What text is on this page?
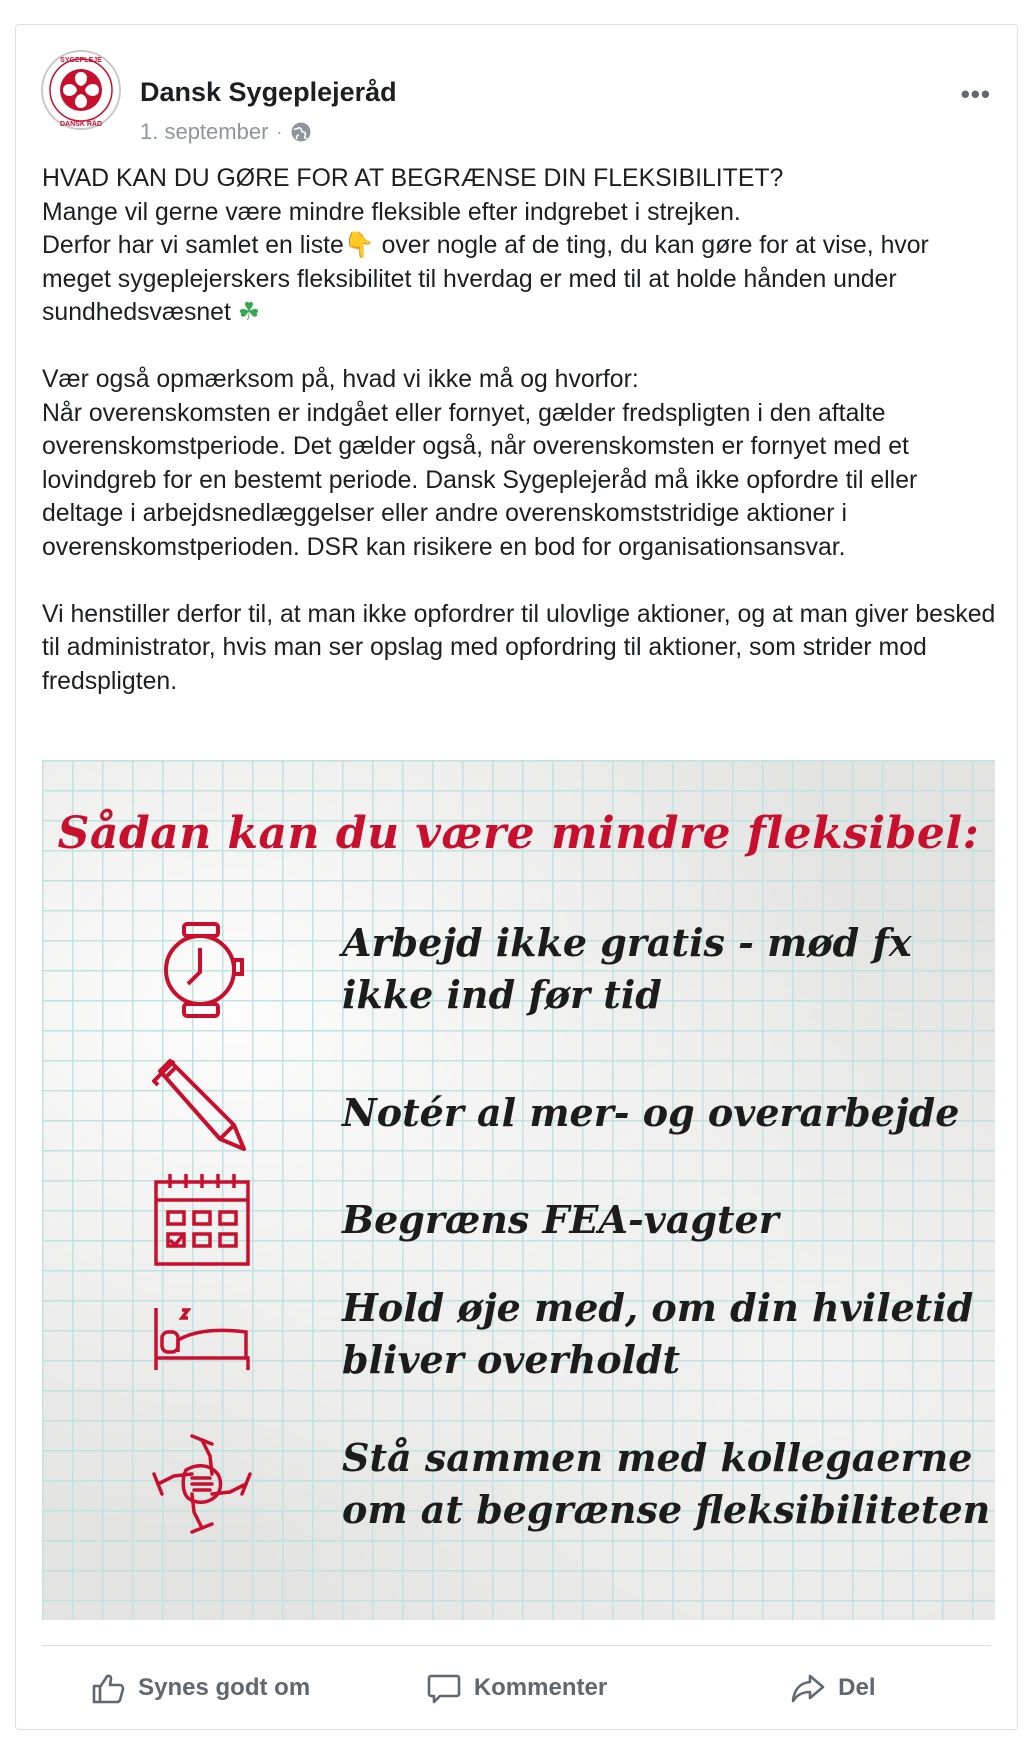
SYGEPLEJE
DANSK RÅD
Dansk Sygeplejeråd
1. september ·
•••

HVAD KAN DU GØRE FOR AT BEGRÆNSE DIN FLEKSIBILITET?

Mange vil gerne være mindre fleksible efter indgrebet i strejken.

Derfor har vi samlet en liste👇 over nogle af de ting, du kan gøre for at vise, hvor meget sygeplejerskers fleksibilitet til hverdag er med til at holde hånden under sundhedsvæsnet ☘

Vær også opmærksom på, hvad vi ikke må og hvorfor:

Når overenskomsten er indgået eller fornyet, gælder fredspligten i den aftalte overenskomstperiode. Det gælder også, når overenskomsten er fornyet med et lovindgreb for en bestemt periode. Dansk Sygeplejeråd må ikke opfordre til eller deltage i arbejdsnedlæggelser eller andre overenskomststridige aktioner i overenskomstperioden. DSR kan risikere en bod for organisationsansvar.

Vi henstiller derfor til, at man ikke opfordrer til ulovlige aktioner, og at man giver besked til administrator, hvis man ser opslag med opfordring til aktioner, som strider mod fredspligten.

Sådan kan du være mindre fleksibel:
Arbejd ikke gratis - mød fx
ikke ind før tid
Notér al mer- og overarbejde
Begræns FEA-vagter
Hold øje med, om din hviletid
bliver overholdt
Stå sammen med kollegaerne
om at begrænse fleksibiliteten
Synes godt om	Kommenter	Del
